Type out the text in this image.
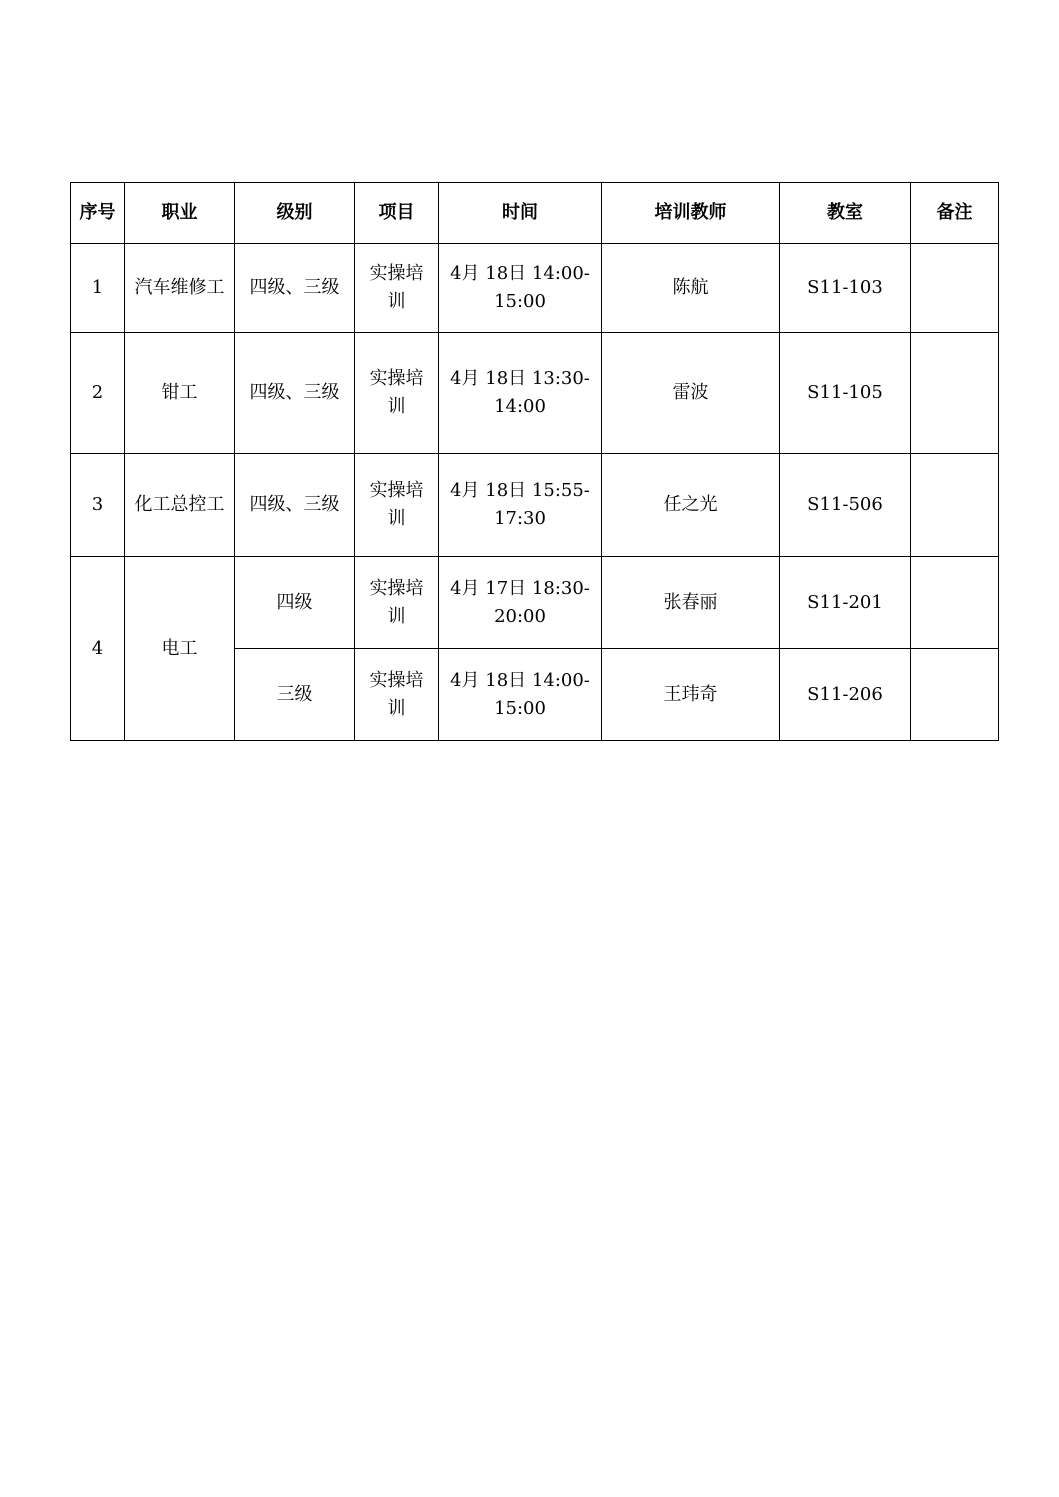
序号	职业	级别	项目	时间	培训教师	教室	备注
1	汽车维修工	四级、三级	实操培训	4月 18日 14:00-15:00	陈航	S11-103	
2	钳工	四级、三级	实操培训	4月 18日 13:30-14:00	雷波	S11-105	
3	化工总控工	四级、三级	实操培训	4月 18日 15:55-17:30	任之光	S11-506	
4	电工	四级	实操培训	4月 17日 18:30-20:00	张春丽	S11-201	
		三级	实操培训	4月 18日 14:00-15:00	王玮奇	S11-206	
